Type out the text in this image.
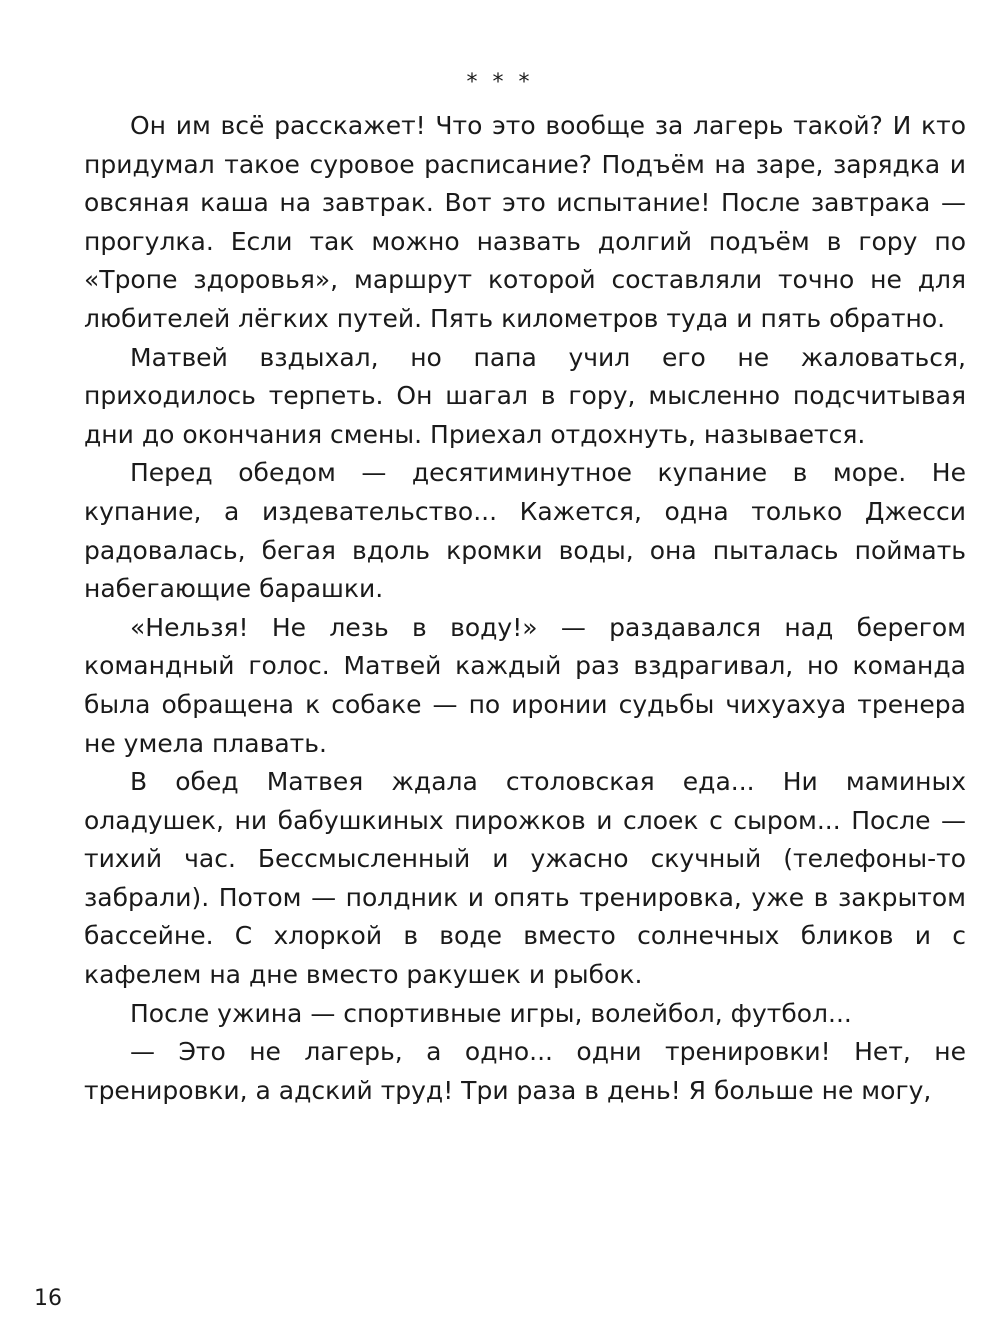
* * *

Он им всё расскажет! Что это вообще за лагерь такой? И кто придумал такое суровое расписание? Подъём на заре, зарядка и овсяная каша на завтрак. Вот это испытание! После завтрака — прогулка. Если так можно назвать долгий подъём в гору по «Тропе здоровья», маршрут которой составляли точно не для любителей лёгких путей. Пять километров туда и пять обратно.

Матвей вздыхал, но папа учил его не жаловаться, приходилось терпеть. Он шагал в гору, мысленно подсчитывая дни до окончания смены. Приехал отдохнуть, называется.

Перед обедом — десятиминутное купание в море. Не купание, а издевательство... Кажется, одна только Джесси радовалась, бегая вдоль кромки воды, она пыталась поймать набегающие барашки.

«Нельзя! Не лезь в воду!» — раздавался над берегом командный голос. Матвей каждый раз вздрагивал, но команда была обращена к собаке — по иронии судьбы чихуахуа тренера не умела плавать.

В обед Матвея ждала столовская еда... Ни маминых оладушек, ни бабушкиных пирожков и слоек с сыром... После — тихий час. Бессмысленный и ужасно скучный (телефоны-то забрали). Потом — полдник и опять тренировка, уже в закрытом бассейне. С хлоркой в воде вместо солнечных бликов и с кафелем на дне вместо ракушек и рыбок.

После ужина — спортивные игры, волейбол, футбол...

— Это не лагерь, а одно... одни тренировки! Нет, не тренировки, а адский труд! Три раза в день! Я больше не могу,

16
